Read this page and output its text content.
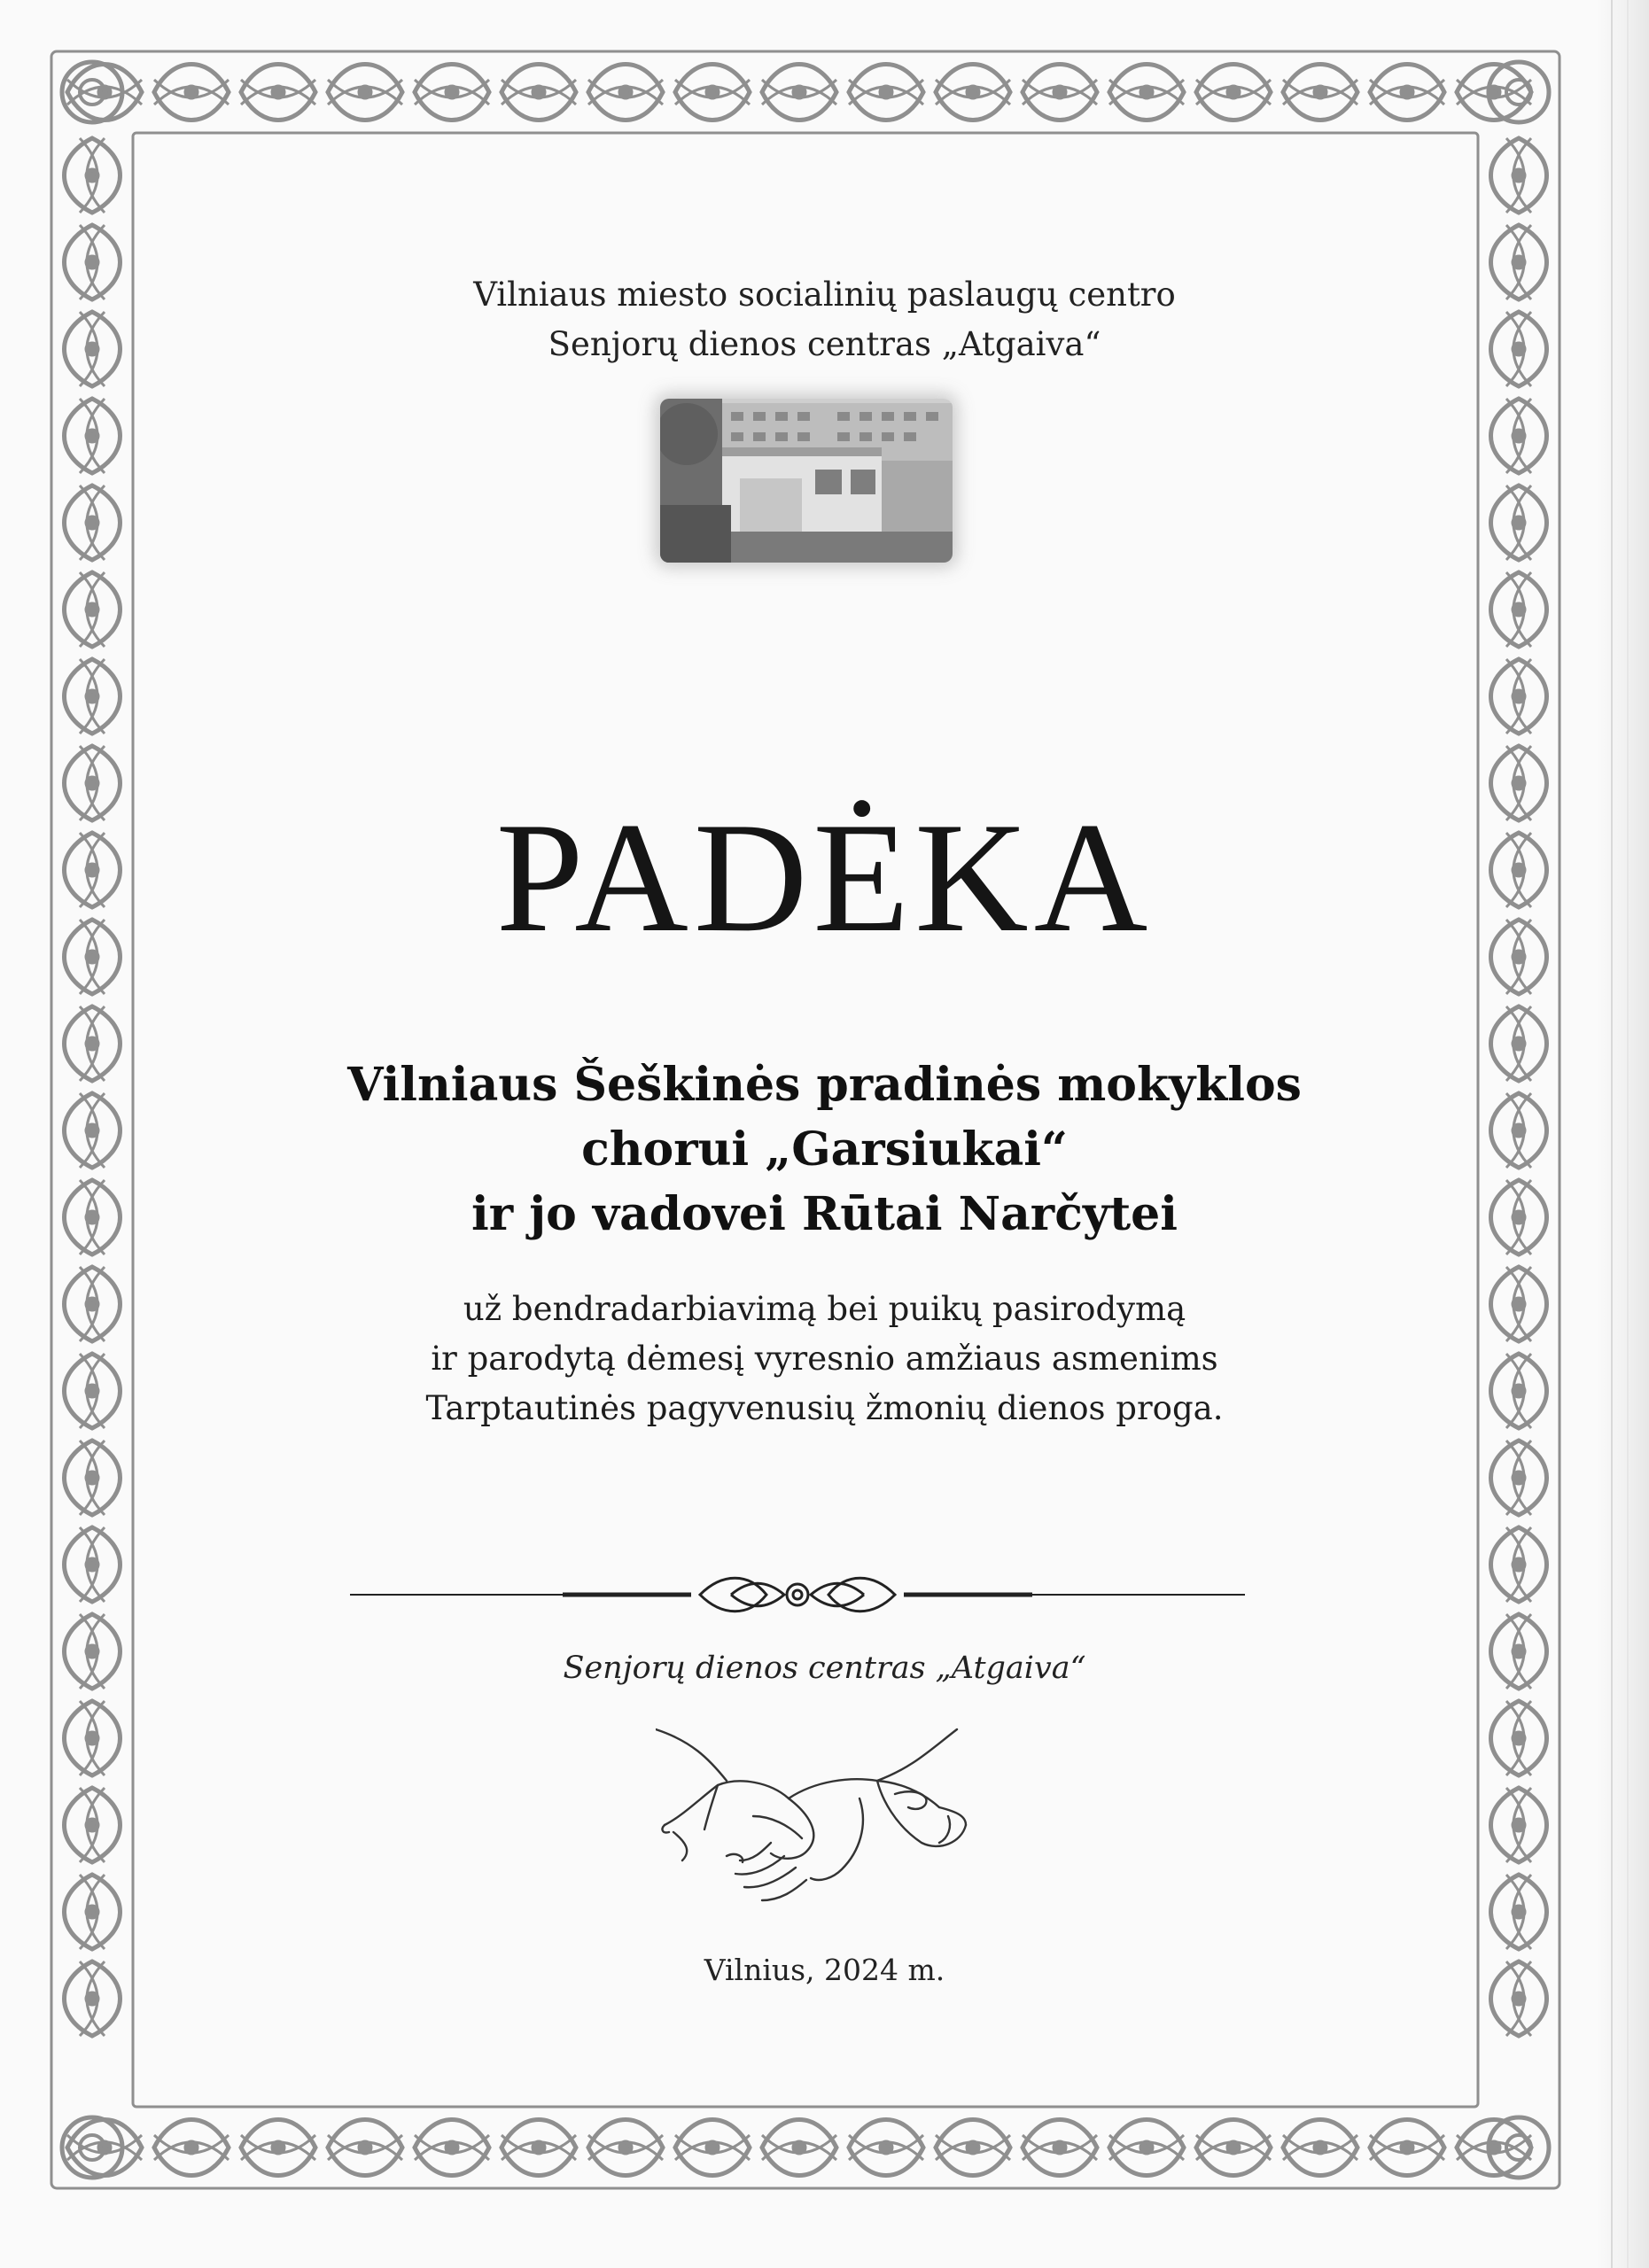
Vilniaus miesto socialinių paslaugų centro
Senjorų dienos centras „Atgaiva“
PADĖKA
Vilniaus Šeškinės pradinės mokyklos
chorui „Garsiukai“
ir jo vadovei Rūtai Narčytei
už bendradarbiavimą bei puikų pasirodymą
ir parodytą dėmesį vyresnio amžiaus asmenims
Tarptautinės pagyvenusių žmonių dienos proga.
Senjorų dienos centras „Atgaiva“
Vilnius, 2024 m.
